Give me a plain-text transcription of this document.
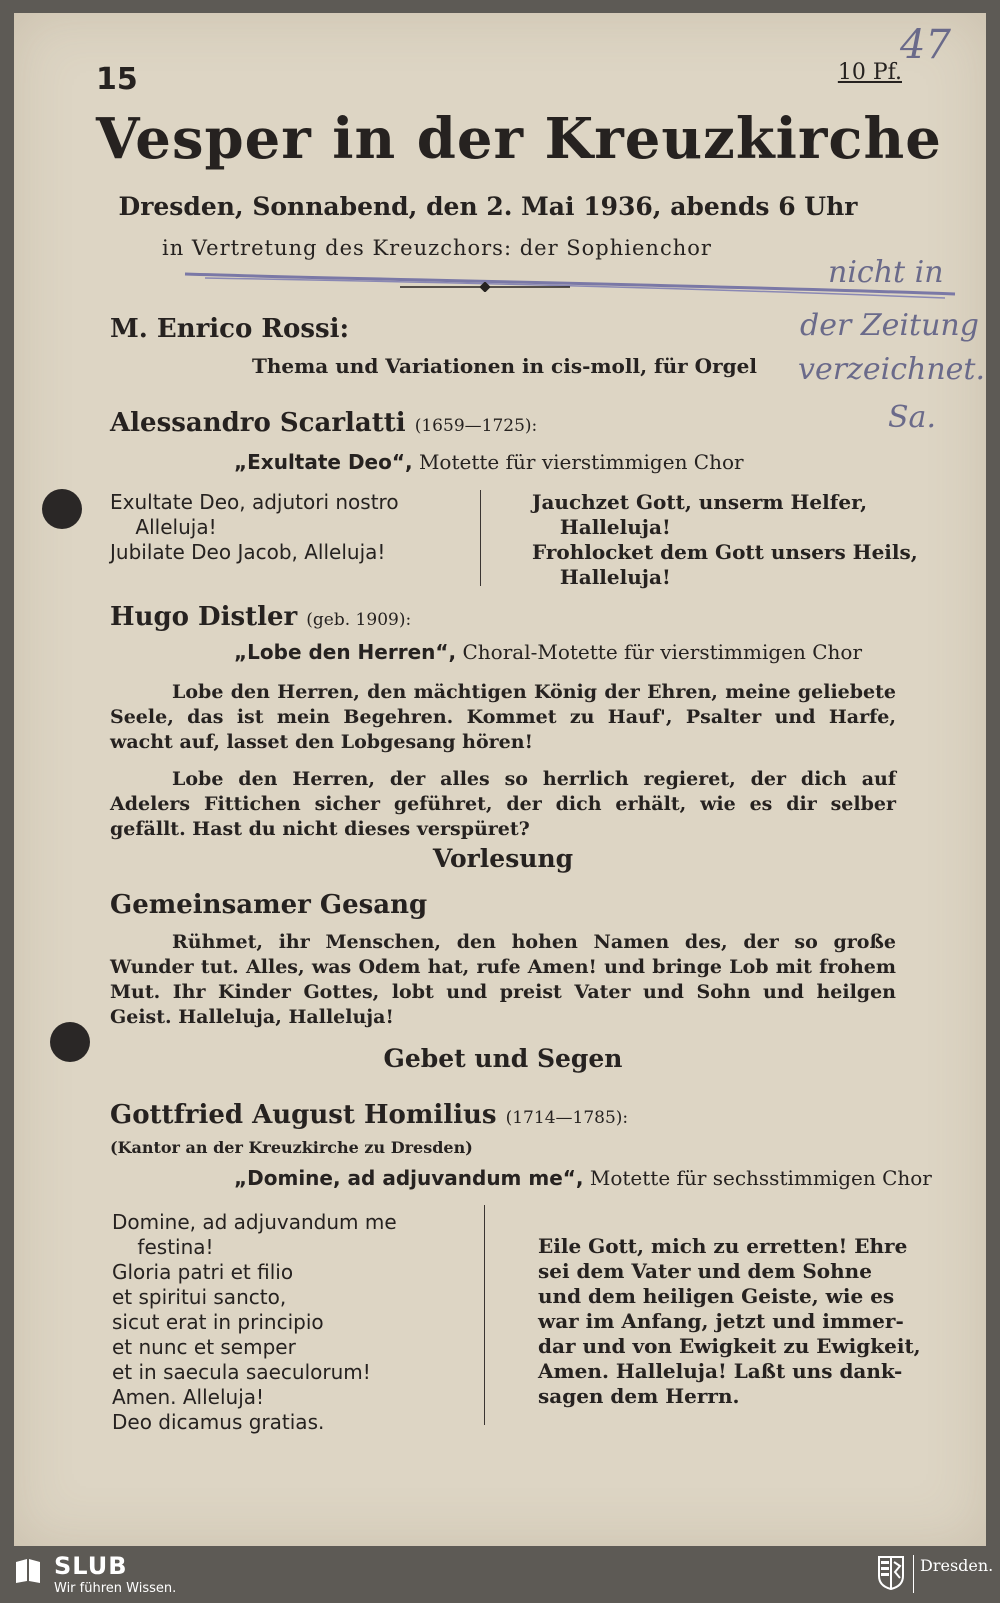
15	10 Pf.
Vesper in der Kreuzkirche
Dresden, Sonnabend, den 2. Mai 1936, abends 6 Uhr
in Vertretung des Kreuzchors: der Sophienchor
47
nicht in
der Zeitung
verzeichnet.
Sa.
M. Enrico Rossi:
Thema und Variationen in cis-moll, für Orgel
Alessandro Scarlatti (1659—1725):
„Exultate Deo“, Motette für vierstimmigen Chor
Exultate Deo, adjutori nostro
Alleluja!
Jubilate Deo Jacob, Alleluja!
Jauchzet Gott, unserm Helfer,
Halleluja!
Frohlocket dem Gott unsers Heils,
Halleluja!
Hugo Distler (geb. 1909):
„Lobe den Herren“, Choral-Motette für vierstimmigen Chor
Lobe den Herren, den mächtigen König der Ehren, meine geliebete Seele, das ist mein Begehren. Kommet zu Hauf', Psalter und Harfe, wacht auf, lasset den Lobgesang hören!
Lobe den Herren, der alles so herrlich regieret, der dich auf Adelers Fittichen sicher geführet, der dich erhält, wie es dir selber gefällt. Hast du nicht dieses verspüret?
Vorlesung
Gemeinsamer Gesang
Rühmet, ihr Menschen, den hohen Namen des, der so große Wunder tut. Alles, was Odem hat, rufe Amen! und bringe Lob mit frohem Mut. Ihr Kinder Gottes, lobt und preist Vater und Sohn und heilgen Geist. Halleluja, Halleluja!
Gebet und Segen
Gottfried August Homilius (1714—1785):
(Kantor an der Kreuzkirche zu Dresden)
„Domine, ad adjuvandum me“, Motette für sechsstimmigen Chor
Domine, ad adjuvandum me
festina!
Gloria patri et filio
et spiritui sancto,
sicut erat in principio
et nunc et semper
et in saecula saeculorum!
Amen. Alleluja!
Deo dicamus gratias.
Eile Gott, mich zu erretten! Ehre
sei dem Vater und dem Sohne
und dem heiligen Geiste, wie es
war im Anfang, jetzt und immer-
dar und von Ewigkeit zu Ewigkeit,
Amen. Halleluja! Laßt uns dank-
sagen dem Herrn.
SLUB
Wir führen Wissen.
Dresden.
